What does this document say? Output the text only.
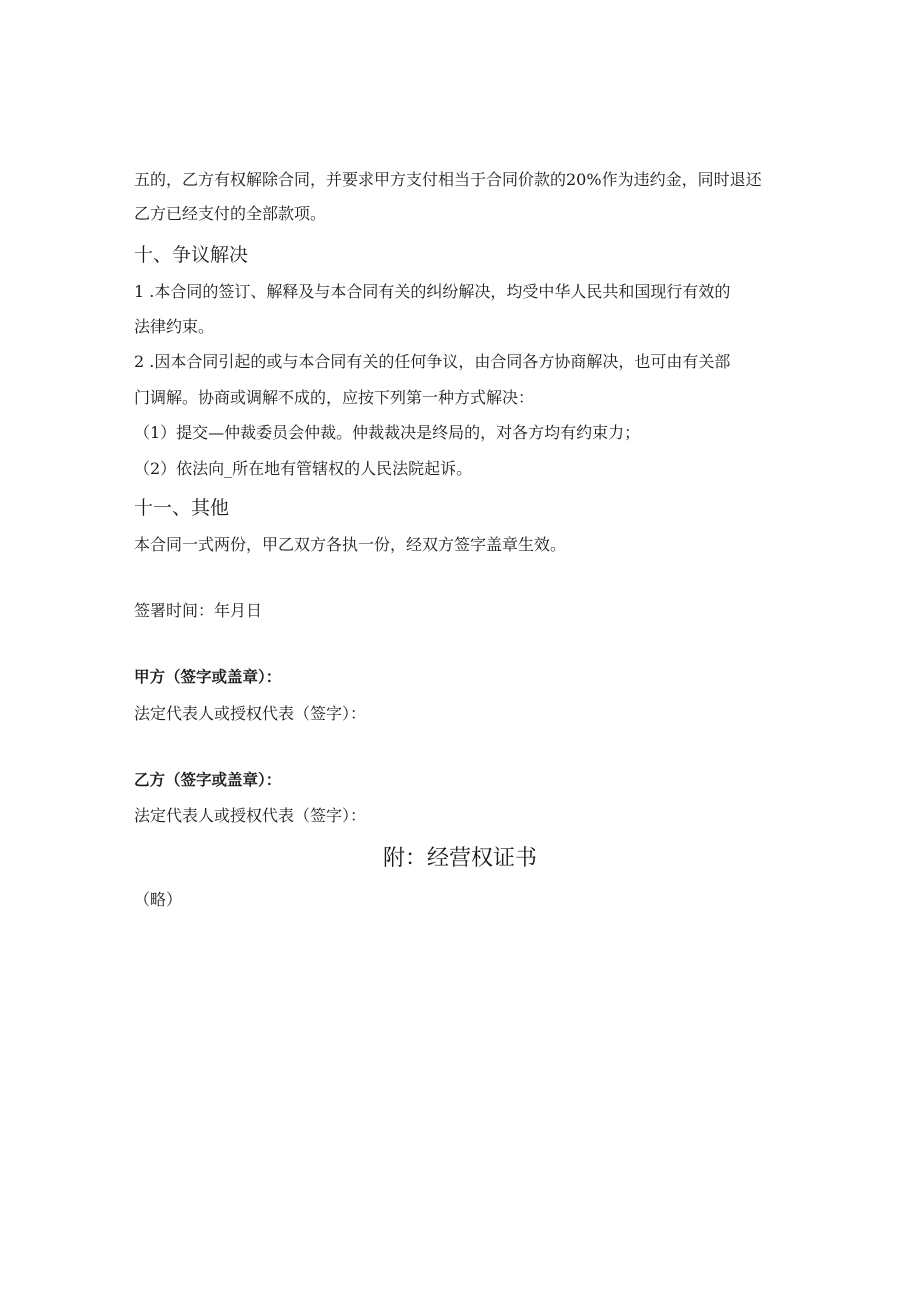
五的，乙方有权解除合同，并要求甲方支付相当于合同价款的20%作为违约金，同时退还
乙方已经支付的全部款项。
十、争议解决
1 .本合同的签订、解释及与本合同有关的纠纷解决，均受中华人民共和国现行有效的
法律约束。
2 .因本合同引起的或与本合同有关的任何争议，由合同各方协商解决，也可由有关部
门调解。协商或调解不成的，应按下列第一种方式解决：
（1）提交—仲裁委员会仲裁。仲裁裁决是终局的，对各方均有约束力；
（2）依法向_所在地有管辖权的人民法院起诉。
十一、其他
本合同一式两份，甲乙双方各执一份，经双方签字盖章生效。
签署时间：年月日
甲方（签字或盖章）：
法定代表人或授权代表（签字）：
乙方（签字或盖章）：
法定代表人或授权代表（签字）：
附：经营权证书
（略）
